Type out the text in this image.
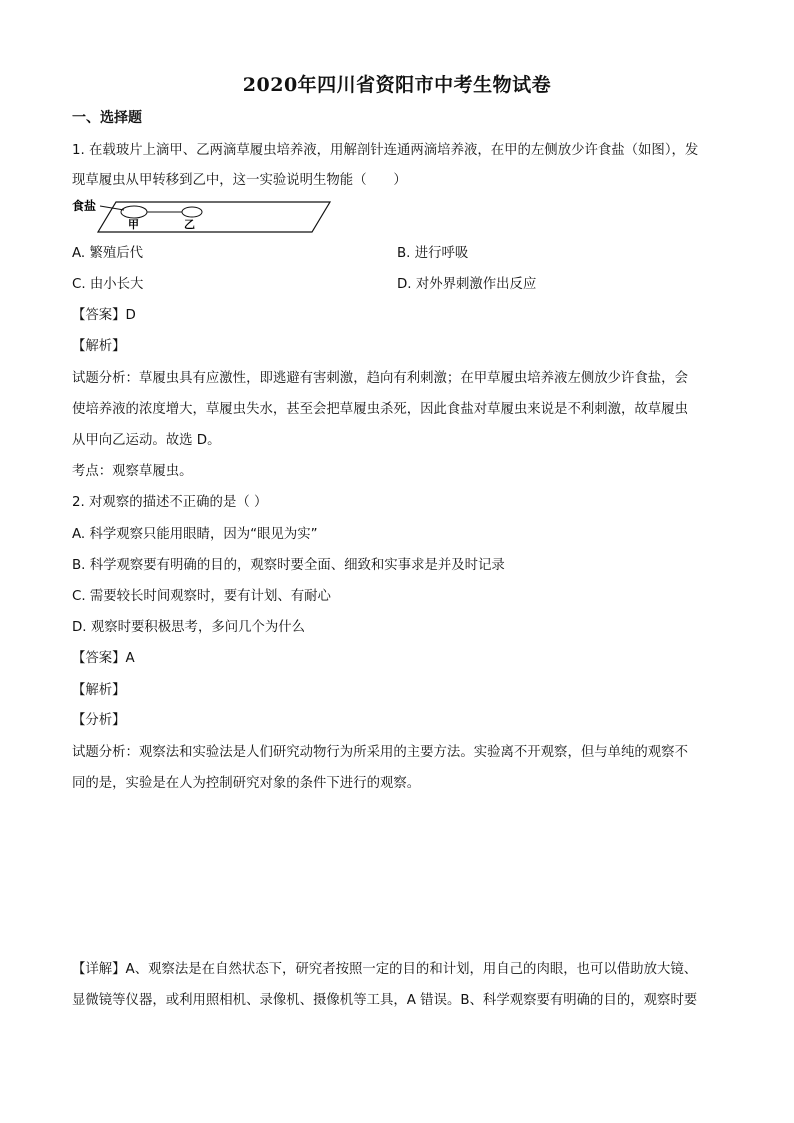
2020年四川省资阳市中考生物试卷
一、选择题
1. 在载玻片上滴甲、乙两滴草履虫培养液，用解剖针连通两滴培养液，在甲的左侧放少许食盐（如图），发
现草履虫从甲转移到乙中，这一实验说明生物能（　　）
食盐
甲	乙
A. 繁殖后代	B. 进行呼吸
C. 由小长大	D. 对外界刺激作出反应
【答案】D
【解析】
试题分析：草履虫具有应激性，即逃避有害刺激，趋向有利刺激；在甲草履虫培养液左侧放少许食盐，会
使培养液的浓度增大，草履虫失水，甚至会把草履虫杀死，因此食盐对草履虫来说是不利刺激，故草履虫
从甲向乙运动。故选 D。
考点：观察草履虫。
2. 对观察的描述不正确的是（ ）
A. 科学观察只能用眼睛，因为“眼见为实”
B. 科学观察要有明确的目的，观察时要全面、细致和实事求是并及时记录
C. 需要较长时间观察时，要有计划、有耐心
D. 观察时要积极思考，多问几个为什么
【答案】A
【解析】
【分析】
试题分析：观察法和实验法是人们研究动物行为所采用的主要方法。实验离不开观察，但与单纯的观察不
同的是，实验是在人为控制研究对象的条件下进行的观察。
【详解】A、观察法是在自然状态下，研究者按照一定的目的和计划，用自己的肉眼，也可以借助放大镜、
显微镜等仪器，或利用照相机、录像机、摄像机等工具，A 错误。B、科学观察要有明确的目的，观察时要
